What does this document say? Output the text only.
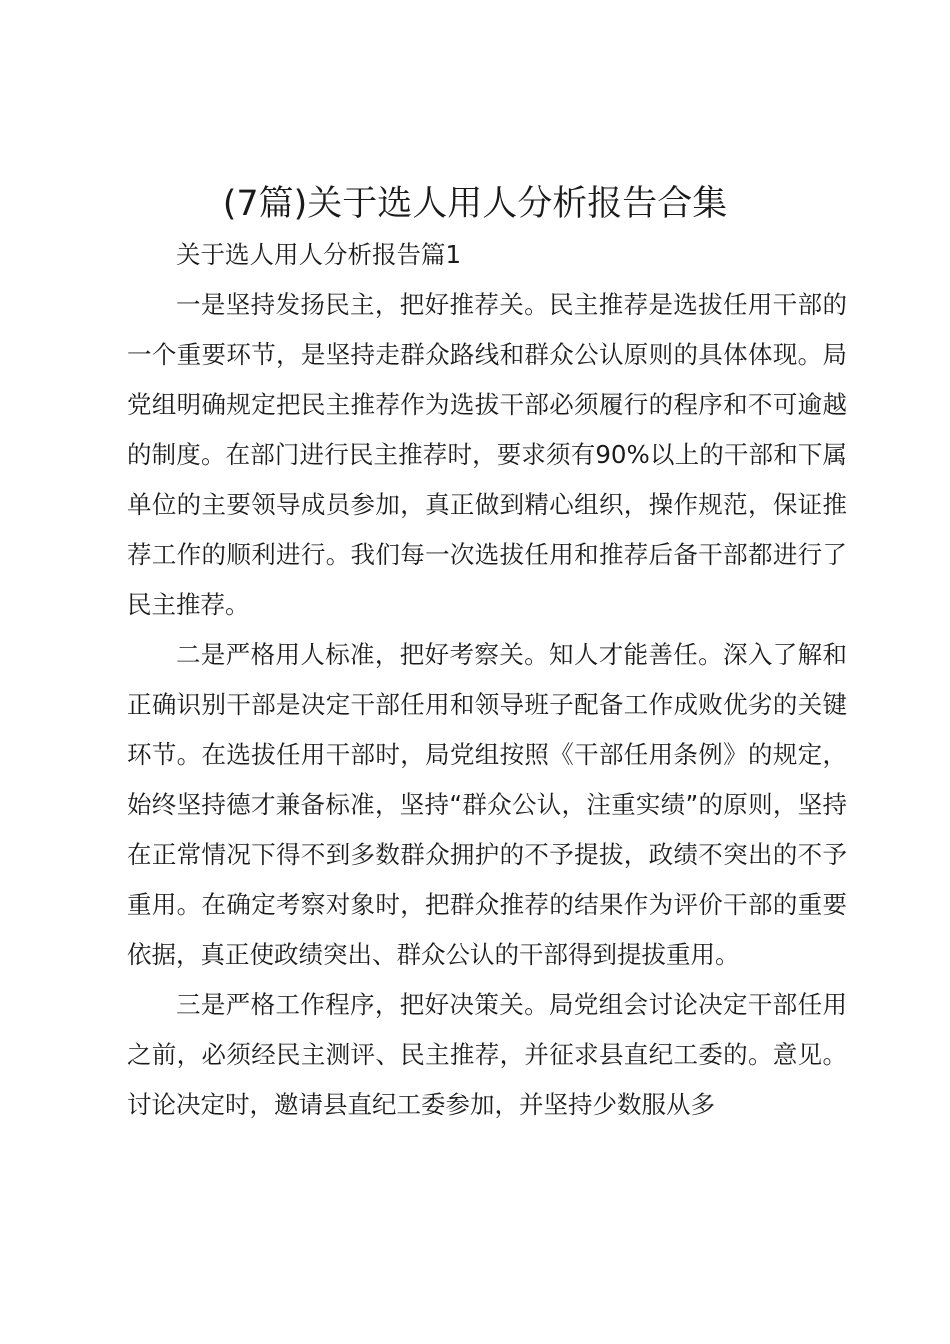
(7篇)关于选人用人分析报告合集

关于选人用人分析报告篇1

一是坚持发扬民主，把好推荐关。民主推荐是选拔任用干部的一个重要环节，是坚持走群众路线和群众公认原则的具体体现。局党组明确规定把民主推荐作为选拔干部必须履行的程序和不可逾越的制度。在部门进行民主推荐时，要求须有90%以上的干部和下属单位的主要领导成员参加，真正做到精心组织，操作规范，保证推荐工作的顺利进行。我们每一次选拔任用和推荐后备干部都进行了民主推荐。

二是严格用人标准，把好考察关。知人才能善任。深入了解和正确识别干部是决定干部任用和领导班子配备工作成败优劣的关键环节。在选拔任用干部时，局党组按照《干部任用条例》的规定，始终坚持德才兼备标准，坚持“群众公认，注重实绩”的原则，坚持在正常情况下得不到多数群众拥护的不予提拔，政绩不突出的不予重用。在确定考察对象时，把群众推荐的结果作为评价干部的重要依据，真正使政绩突出、群众公认的干部得到提拔重用。

三是严格工作程序，把好决策关。局党组会讨论决定干部任用之前，必须经民主测评、民主推荐，并征求县直纪工委的。意见。讨论决定时，邀请县直纪工委参加，并坚持少数服从多
